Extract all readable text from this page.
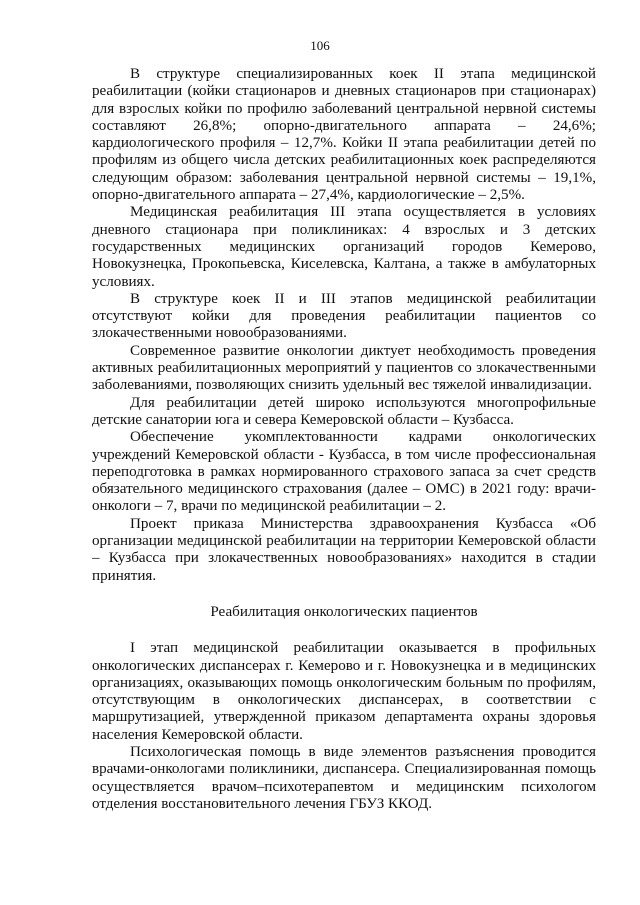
106

В структуре специализированных коек II этапа медицинской реабилитации (койки стационаров и дневных стационаров при стационарах) для взрослых койки по профилю заболеваний центральной нервной системы составляют 26,8%; опорно-двигательного аппарата – 24,6%; кардиологического профиля – 12,7%. Койки II этапа реабилитации детей по профилям из общего числа детских реабилитационных коек распределяются следующим образом: заболевания центральной нервной системы – 19,1%, опорно-двигательного аппарата – 27,4%, кардиологические – 2,5%.

Медицинская реабилитация III этапа осуществляется в условиях дневного стационара при поликлиниках: 4 взрослых и 3 детских государственных медицинских организаций городов Кемерово, Новокузнецка, Прокопьевска, Киселевска, Калтана, а также в амбулаторных условиях.

В структуре коек II и III этапов медицинской реабилитации отсутствуют койки для проведения реабилитации пациентов со злокачественными новообразованиями.

Современное развитие онкологии диктует необходимость проведения активных реабилитационных мероприятий у пациентов со злокачественными заболеваниями, позволяющих снизить удельный вес тяжелой инвалидизации.

Для реабилитации детей широко используются многопрофильные детские санатории юга и севера Кемеровской области – Кузбасса.

Обеспечение укомплектованности кадрами онкологических учреждений Кемеровской области - Кузбасса, в том числе профессиональная переподготовка в рамках нормированного страхового запаса за счет средств обязательного медицинского страхования (далее – ОМС) в 2021 году: врачи-онкологи – 7, врачи по медицинской реабилитации – 2.

Проект приказа Министерства здравоохранения Кузбасса «Об организации медицинской реабилитации на территории Кемеровской области – Кузбасса при злокачественных новообразованиях» находится в стадии принятия.

Реабилитация онкологических пациентов

I этап медицинской реабилитации оказывается в профильных онкологических диспансерах г. Кемерово и г. Новокузнецка и в медицинских организациях, оказывающих помощь онкологическим больным по профилям, отсутствующим в онкологических диспансерах, в соответствии с маршрутизацией, утвержденной приказом департамента охраны здоровья населения Кемеровской области.

Психологическая помощь в виде элементов разъяснения проводится врачами-онкологами поликлиники, диспансера. Специализированная помощь осуществляется врачом–психотерапевтом и медицинским психологом отделения восстановительного лечения ГБУЗ ККОД.
